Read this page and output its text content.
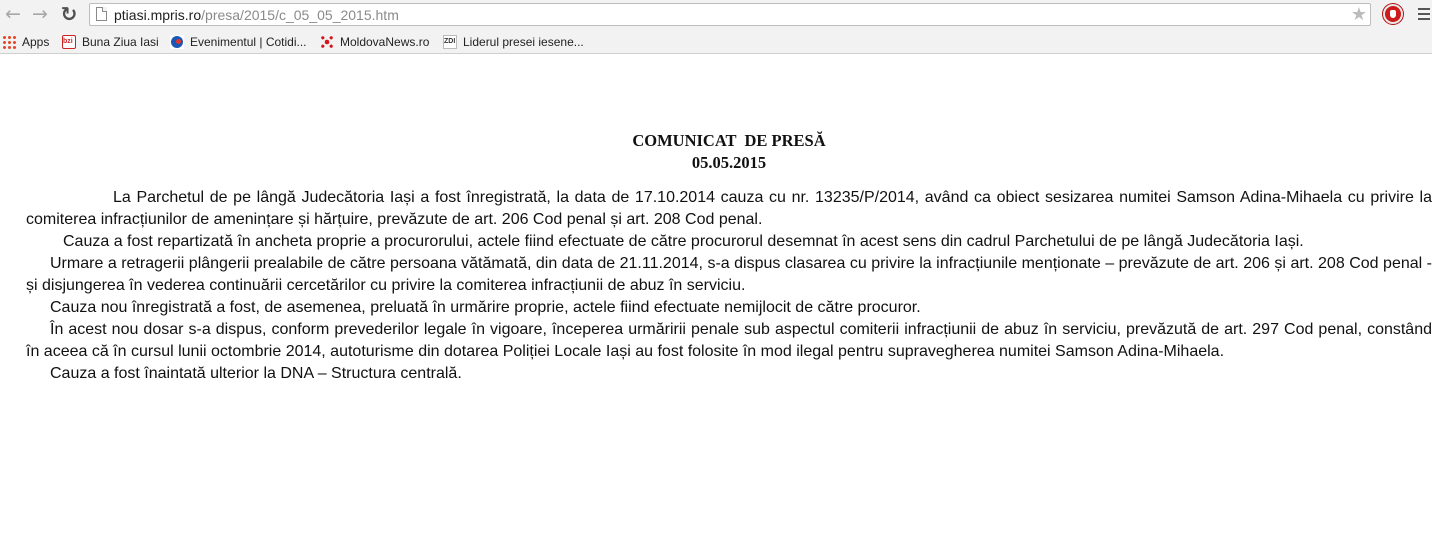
← → ↻	ptiasi.mpris.ro/presa/2015/c_05_05_2015.htm	★
Apps bzi	Buna Ziua Iasi	Evenimentul | Cotidi...	MoldovaNews.ro ZDI	Liderul presei iesene...
COMUNICAT  DE PRESĂ
05.05.2015

La Parchetul de pe lângă Judecătoria Iași a fost înregistrată, la data de 17.10.2014 cauza cu nr. 13235/P/2014, având ca obiect sesizarea numitei Samson Adina-Mihaela cu privire la comiterea infracțiunilor de amenințare și hărțuire, prevăzute de art. 206 Cod penal și art. 208 Cod penal.

Cauza a fost repartizată în ancheta proprie a procurorului, actele fiind efectuate de către procurorul desemnat în acest sens din cadrul Parchetului de pe lângă Judecătoria Iași.

Urmare a retragerii plângerii prealabile de către persoana vătămată, din data de 21.11.2014, s-a dispus clasarea cu privire la infracțiunile menționate – prevăzute de art. 206 și art. 208 Cod penal - și disjungerea în vederea continuării cercetărilor cu privire la comiterea infracțiunii de abuz în serviciu.

Cauza nou înregistrată a fost, de asemenea, preluată în urmărire proprie, actele fiind efectuate nemijlocit de către procuror.

În acest nou dosar s-a dispus, conform prevederilor legale în vigoare, începerea urmăririi penale sub aspectul comiterii infracțiunii de abuz în serviciu, prevăzută de art. 297 Cod penal, constând în aceea că în cursul lunii octombrie 2014, autoturisme din dotarea Poliției Locale Iași au fost folosite în mod ilegal pentru supravegherea numitei Samson Adina-Mihaela.

Cauza a fost înaintată ulterior la DNA – Structura centrală.
